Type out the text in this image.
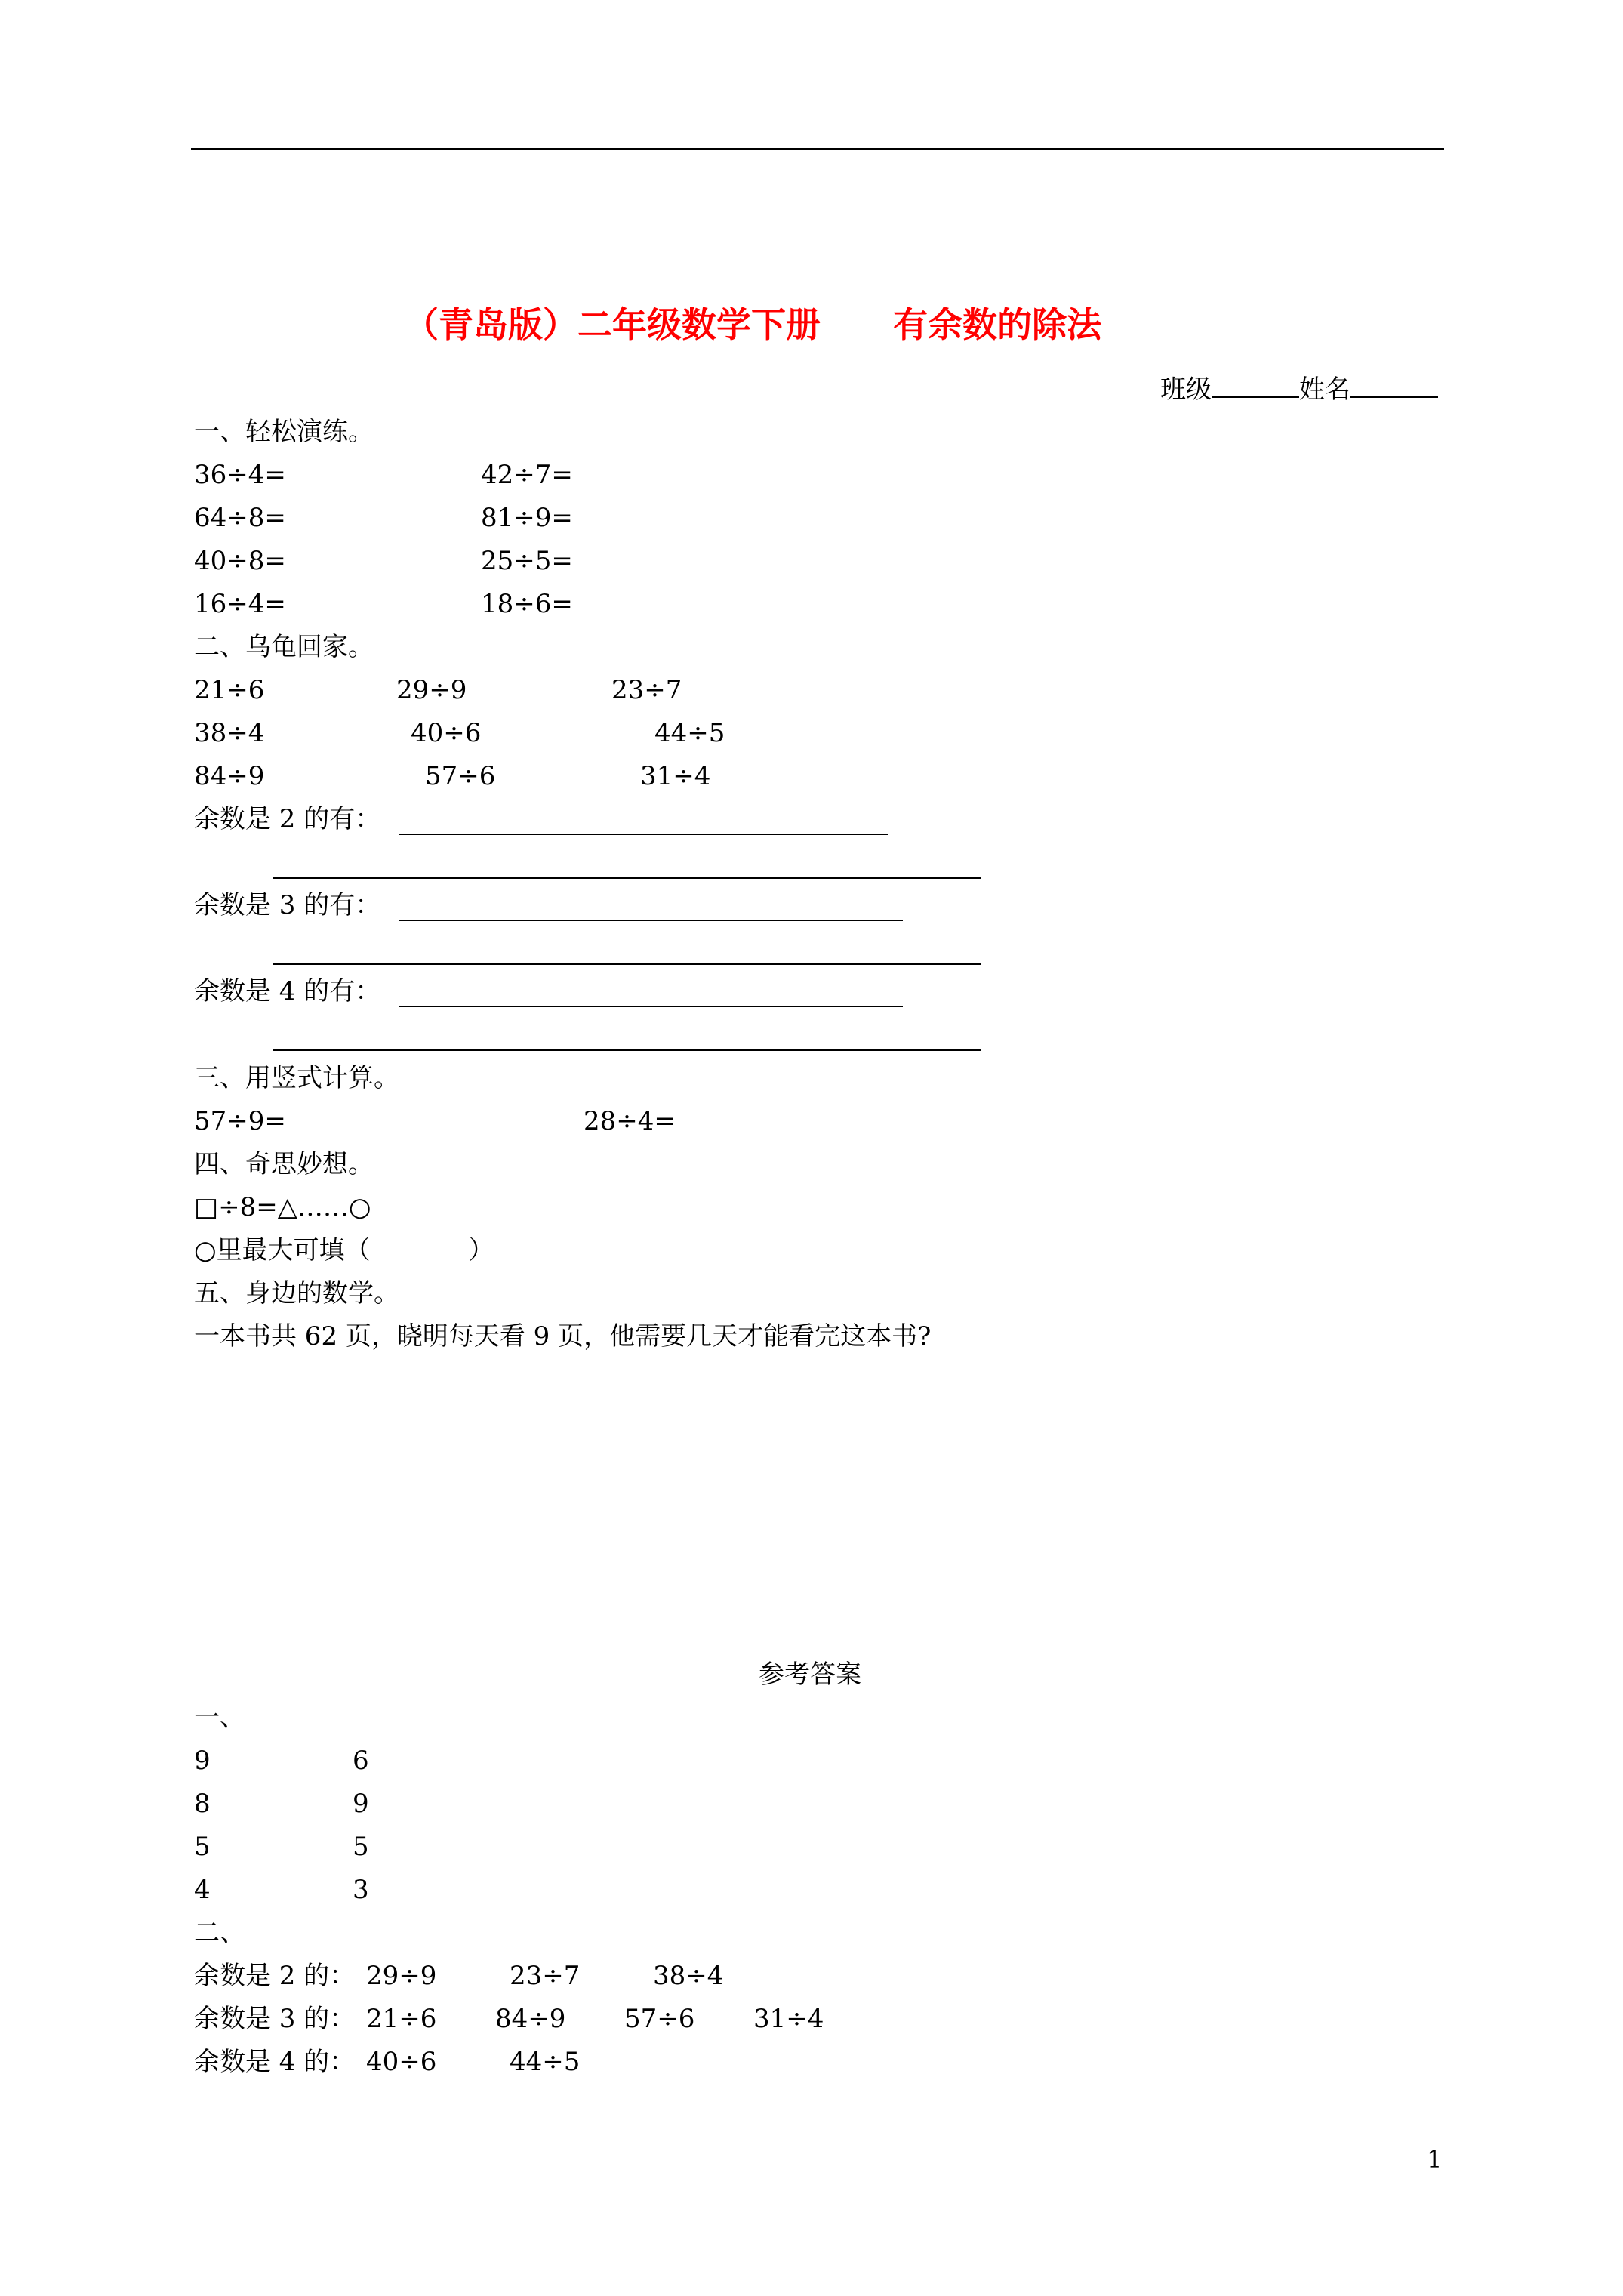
（青岛版）二年级数学下册      有余数的除法
班级	姓名
一、轻松演练。
36÷4=	42÷7=
64÷8=	81÷9=
40÷8=	25÷5=
16÷4=	18÷6=
二、乌龟回家。
21÷6	29÷9	23÷7
38÷4	40÷6	44÷5
84÷9	57÷6	31÷4
余数是 2 的有：
余数是 3 的有：
余数是 4 的有：
三、用竖式计算。
57÷9=	28÷4=
四、奇思妙想。
□÷8=△……○
○里最大可填（            ）
五、身边的数学。
一本书共 62 页，晓明每天看 9 页，他需要几天才能看完这本书?
参考答案
一、
9	6
8	9
5	5
4	3
二、
余数是 2 的： 29÷9	23÷7	38÷4
余数是 3 的： 21÷6 84÷9 57÷6 31÷4
余数是 4 的： 40÷6	44÷5
1
